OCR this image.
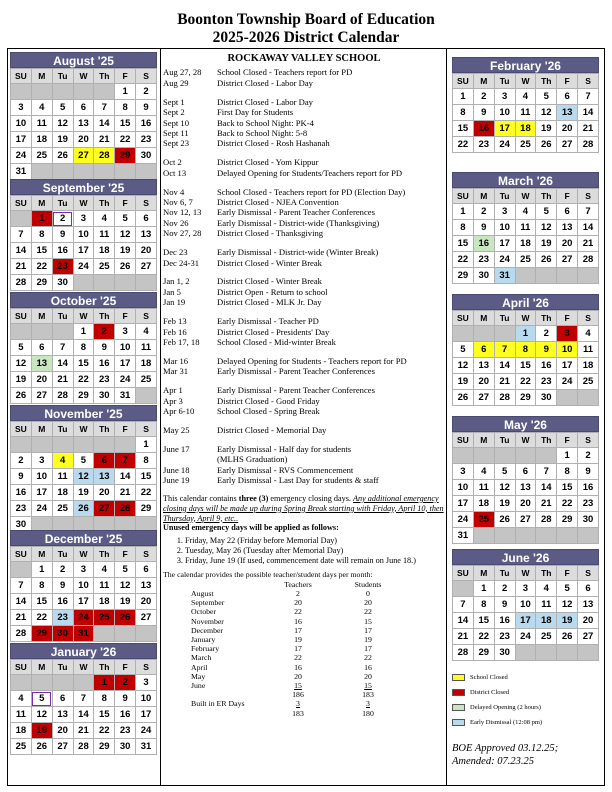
Boonton Township Board of Education
2025-2026 District Calendar
August '25
SU	M	Tu	W	Th	F	S
					1	2
3	4	5	6	7	8	9
10	11	12	13	14	15	16
17	18	19	20	21	22	23
24	25	26	27	28	29	30
31						
September '25
SU	M	Tu	W	Th	F	S
	1	2	3	4	5	6
7	8	9	10	11	12	13
14	15	16	17	18	19	20
21	22	23	24	25	26	27
28	29	30				
October '25
SU	M	Tu	W	Th	F	S
			1	2	3	4
5	6	7	8	9	10	11
12	13	14	15	16	17	18
19	20	21	22	23	24	25
26	27	28	29	30	31	
November '25
SU	M	Tu	W	Th	F	S
						1
2	3	4	5	6	7	8
9	10	11	12	13	14	15
16	17	18	19	20	21	22
23	24	25	26	27	28	29
30						
December '25
SU	M	Tu	W	Th	F	S
	1	2	3	4	5	6
7	8	9	10	11	12	13
14	15	16	17	18	19	20
21	22	23	24	25	26	27
28	29	30	31			
January '26
SU	M	Tu	W	Th	F	S
				1	2	3
4	5	6	7	8	9	10
11	12	13	14	15	16	17
18	19	20	21	22	23	24
25	26	27	28	29	30	31
February '26
SU	M	Tu	W	Th	F	S
1	2	3	4	5	6	7
8	9	10	11	12	13	14
15	16	17	18	19	20	21
22	23	24	25	26	27	28
March '26
SU	M	Tu	W	Th	F	S
1	2	3	4	5	6	7
8	9	10	11	12	13	14
15	16	17	18	19	20	21
22	23	24	25	26	27	28
29	30	31				
April '26
SU	M	Tu	W	Th	F	S
			1	2	3	4
5	6	7	8	9	10	11
12	13	14	15	16	17	18
19	20	21	22	23	24	25
26	27	28	29	30		
May '26
SU	M	Tu	W	Th	F	S
					1	2
3	4	5	6	7	8	9
10	11	12	13	14	15	16
17	18	19	20	21	22	23
24	25	26	27	28	29	30
31						
June '26
SU	M	Tu	W	Th	F	S
	1	2	3	4	5	6
7	8	9	10	11	12	13
14	15	16	17	18	19	20
21	22	23	24	25	26	27
28	29	30				
ROCKAWAY VALLEY SCHOOL
Aug 27, 28	School Closed - Teachers report for PD
Aug 29	District Closed - Labor Day
Sept 1	District Closed - Labor Day
Sept 2	First Day for Students
Sept 10	Back to School Night: PK-4
Sept 11	Back to School Night: 5-8
Sept 23	District Closed - Rosh Hashanah
Oct 2	District Closed - Yom Kippur
Oct 13	Delayed Opening for Students/Teachers report for PD
Nov 4	School Closed - Teachers report for PD (Election Day)
Nov 6, 7	District Closed - NJEA Convention
Nov 12, 13	Early Dismissal - Parent Teacher Conferences
Nov 26	Early Dismissal - District-wide (Thanksgiving)
Nov 27, 28	District Closed - Thanksgiving
Dec 23	Early Dismissal - District-wide (Winter Break)
Dec 24-31	District Closed - Winter Break
Jan 1, 2	District Closed - Winter Break
Jan 5	District Open - Return to school
Jan 19	District Closed - MLK Jr. Day
Feb 13	Early Dismissal - Teacher PD
Feb 16	District Closed - Presidents' Day
Feb 17, 18	School Closed - Mid-winter Break
Mar 16	Delayed Opening for Students - Teachers report for PD
Mar 31	Early Dismissal - Parent Teacher Conferences
Apr 1	Early Dismissal - Parent Teacher Conferences
Apr 3	District Closed - Good Friday
Apr 6-10	School Closed - Spring Break
May 25	District Closed - Memorial Day
June 17	Early Dismissal - Half day for students
(MLHS Graduation)
June 18	Early Dismissal - RVS Commencement
June 19	Early Dismissal - Last Day for students & staff
This calendar contains three (3) emergency closing days. Any additional emergency closing days will be made up during Spring Break starting with Friday, April 10, then Thursday, April 9, etc..
Unused emergency days will be applied as follows:
1. Friday, May 22 (Friday before Memorial Day)
2. Tuesday, May 26 (Tuesday after Memorial Day)
3. Friday, June 19 (If used, commencement date will remain on June 18.)
The calendar provides the possible teacher/student days per month:
	Teachers	Students
August	2	0
September	20	20
October	22	22
November	16	15
December	17	17
January	19	19
February	17	17
March	22	22
April	16	16
May	20	20
June	15	15
	186	183
Built in ER Days	3	3
	183	180
School Closed
District Closed
Delayed Opening (2 hours)
Early Dismissal (12:08 pm)
BOE Approved 03.12.25;
Amended: 07.23.25
